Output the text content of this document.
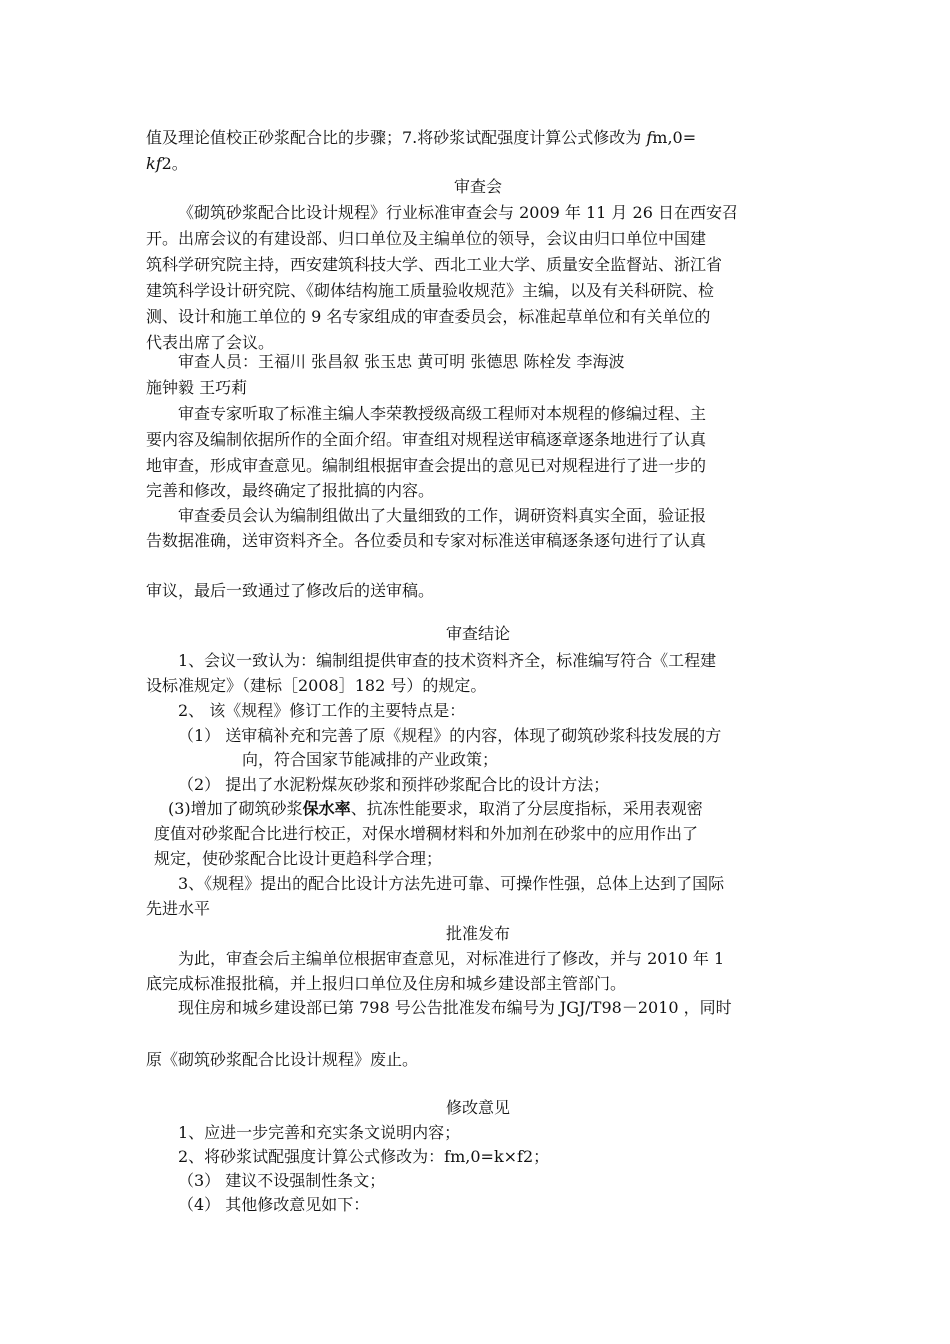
值及理论值校正砂浆配合比的步骤；7.将砂浆试配强度计算公式修改为 𝑓m,0=
𝑘𝑓2。
审查会
《砌筑砂浆配合比设计规程》行业标准审查会与 2009 年 11 月 26 日在西安召
开。出席会议的有建设部、归口单位及主编单位的领导，会议由归口单位中国建
筑科学研究院主持，西安建筑科技大学、西北工业大学、质量安全监督站、浙江省
建筑科学设计研究院、《砌体结构施工质量验收规范》主编，以及有关科研院、检
测、设计和施工单位的 9 名专家组成的审查委员会，标准起草单位和有关单位的
代表出席了会议。
审查人员：王福川 张昌叙 张玉忠 黄可明 张德思 陈栓发 李海波
施钟毅 王巧莉
审查专家听取了标准主编人李荣教授级高级工程师对本规程的修编过程、主
要内容及编制依据所作的全面介绍。审查组对规程送审稿逐章逐条地进行了认真
地审查，形成审查意见。编制组根据审查会提出的意见已对规程进行了进一步的
完善和修改，最终确定了报批搞的内容。
审查委员会认为编制组做出了大量细致的工作，调研资料真实全面，验证报
告数据准确，送审资料齐全。各位委员和专家对标准送审稿逐条逐句进行了认真
审议，最后一致通过了修改后的送审稿。
审查结论
1、会议一致认为：编制组提供审查的技术资料齐全，标准编写符合《工程建
设标准规定》（建标［2008］182 号）的规定。
2、 该《规程》修订工作的主要特点是：
（1） 送审稿补充和完善了原《规程》的内容，体现了砌筑砂浆科技发展的方
向，符合国家节能减排的产业政策；
（2） 提出了水泥粉煤灰砂浆和预拌砂浆配合比的设计方法；
(3)增加了砌筑砂浆保水率、抗冻性能要求，取消了分层度指标，采用表观密
度值对砂浆配合比进行校正，对保水增稠材料和外加剂在砂浆中的应用作出了
规定，使砂浆配合比设计更趋科学合理；
3、《规程》提出的配合比设计方法先进可靠、可操作性强，总体上达到了国际
先进水平
批准发布
为此，审查会后主编单位根据审查意见，对标准进行了修改，并与 2010 年 1
底完成标准报批稿，并上报归口单位及住房和城乡建设部主管部门。
现住房和城乡建设部已第 798 号公告批准发布编号为 JGJ/T98－2010 ，同时
原《砌筑砂浆配合比设计规程》废止。
修改意见
1、应进一步完善和充实条文说明内容；
2、将砂浆试配强度计算公式修改为：fm,0=k×f2；
（3） 建议不设强制性条文；
（4） 其他修改意见如下：
